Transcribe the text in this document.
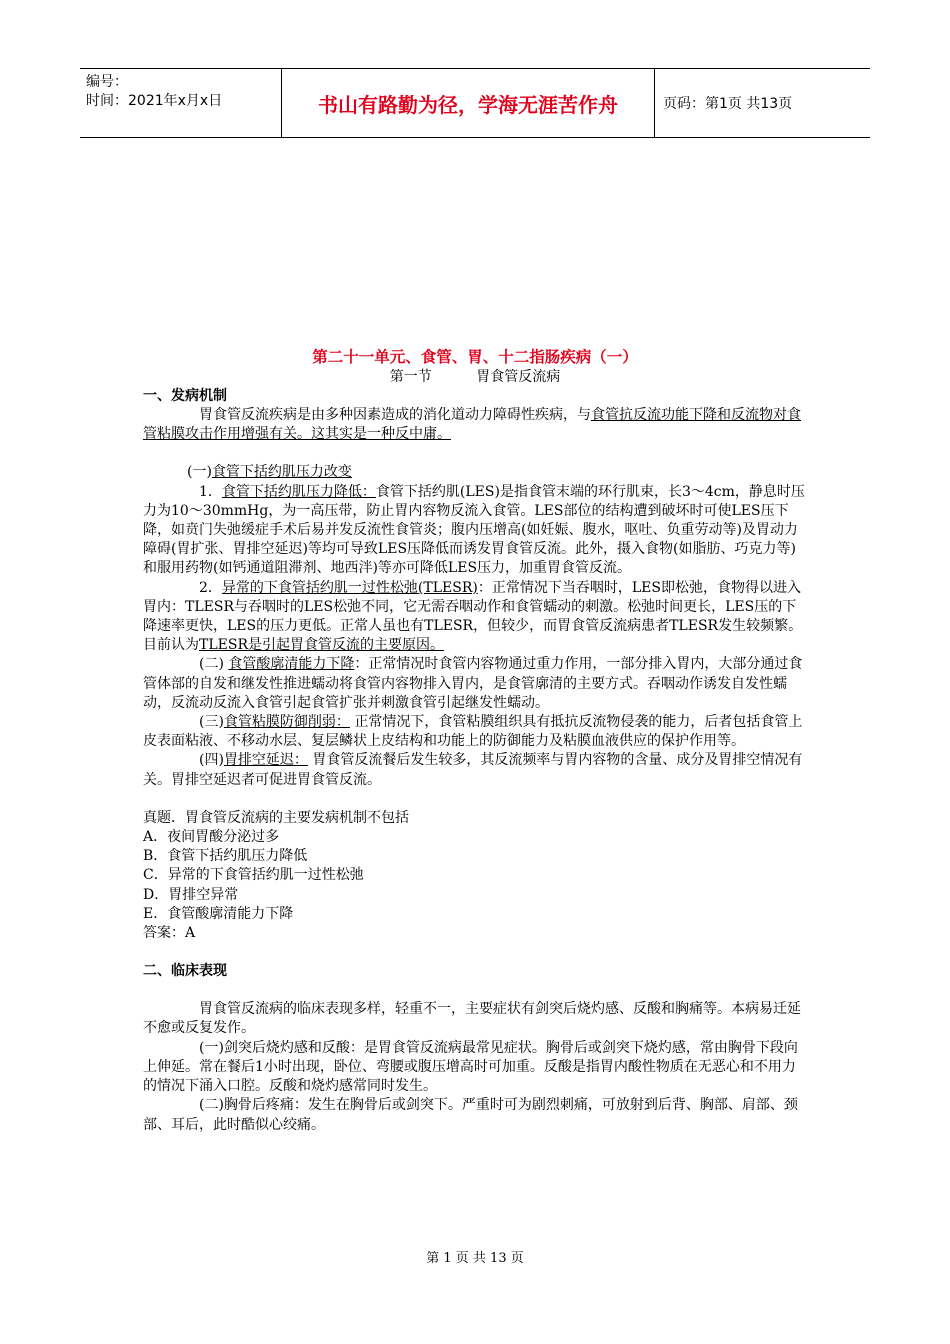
编号：
时间：2021年x月x日	书山有路勤为径，学海无涯苦作舟	页码：第1页 共13页
第二十一单元、食管、胃、十二指肠疾病（一）
第一节          胃食管反流病
一、发病机制

胃食管反流疾病是由多种因素造成的消化道动力障碍性疾病，与食管抗反流功能下降和反流物对食管粘膜攻击作用增强有关。这其实是一种反中庸。

(一)食管下括约肌压力改变

1．食管下括约肌压力降低：食管下括约肌(LES)是指食管末端的环行肌束，长3～4cm，静息时压力为10～30mmHg，为一高压带，防止胃内容物反流入食管。LES部位的结构遭到破坏时可使LES压下降，如贲门失弛缓症手术后易并发反流性食管炎；腹内压增高(如妊娠、腹水，呕吐、负重劳动等)及胃动力障碍(胃扩张、胃排空延迟)等均可导致LES压降低而诱发胃食管反流。此外，摄入食物(如脂肪、巧克力等)和服用药物(如钙通道阻滞剂、地西泮)等亦可降低LES压力，加重胃食管反流。

2．异常的下食管括约肌一过性松弛(TLESR)：正常情况下当吞咽时，LES即松弛，食物得以进入胃内：TLESR与吞咽时的LES松弛不同，它无需吞咽动作和食管蠕动的刺激。松弛时间更长，LES压的下降速率更快，LES的压力更低。正常人虽也有TLESR，但较少，而胃食管反流病患者TLESR发生较频繁。目前认为TLESR是引起胃食管反流的主要原因。

(二) 食管酸廓清能力下降：正常情况时食管内容物通过重力作用，一部分排入胃内，大部分通过食管体部的自发和继发性推进蠕动将食管内容物排入胃内，是食管廓清的主要方式。吞咽动作诱发自发性蠕动，反流动反流入食管引起食管扩张并刺激食管引起继发性蠕动。

(三)食管粘膜防御削弱： 正常情况下，食管粘膜组织具有抵抗反流物侵袭的能力，后者包括食管上皮表面粘液、不移动水层、复层鳞状上皮结构和功能上的防御能力及粘膜血液供应的保护作用等。

(四)胃排空延迟： 胃食管反流餐后发生较多，其反流频率与胃内容物的含量、成分及胃排空情况有关。胃排空延迟者可促进胃食管反流。

真题．胃食管反流病的主要发病机制不包括

A．夜间胃酸分泌过多

B．食管下括约肌压力降低

C．异常的下食管括约肌一过性松弛

D．胃排空异常

E．食管酸廓清能力下降

答案：A

二、临床表现

胃食管反流病的临床表现多样，轻重不一，主要症状有剑突后烧灼感、反酸和胸痛等。本病易迁延不愈或反复发作。

(一)剑突后烧灼感和反酸：是胃食管反流病最常见症状。胸骨后或剑突下烧灼感，常由胸骨下段向上伸延。常在餐后1小时出现，卧位、弯腰或腹压增高时可加重。反酸是指胃内酸性物质在无恶心和不用力的情况下涌入口腔。反酸和烧灼感常同时发生。

(二)胸骨后疼痛：发生在胸骨后或剑突下。严重时可为剧烈刺痛，可放射到后背、胸部、肩部、颈部、耳后，此时酷似心绞痛。

第 1 页 共 13 页
